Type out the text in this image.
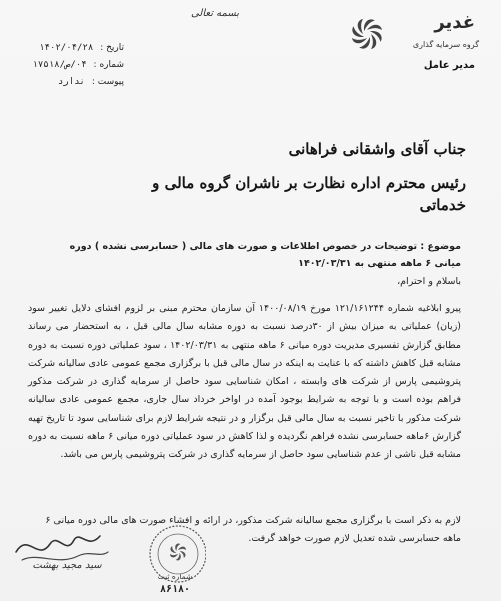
غدیر
گروه سرمایه گذاری
مدیر عامل
بسمه تعالی
تاریخ : ۱۴۰۲/۰۴/۲۸
شماره : ۰۴/ص/۱۷۵۱۸
پیوست : ندارد
جناب آقای واشقانی فراهانی
رئیس محترم اداره نظارت بر ناشران گروه مالی و خدماتی
موضوع : توضیحات در خصوص اطلاعات و صورت های مالی ( حسابرسی نشده ) دوره میانی ۶ ماهه منتهی به ۱۴۰۲/۰۳/۳۱
باسلام و احترام،
پیرو ابلاغیه شماره ۱۲۱/۱۶۱۲۴۴ مورخ ۱۴۰۰/۰۸/۱۹ آن سازمان محترم مبنی بر لزوم افشای دلایل تغییر سود (زیان) عملیاتی به میزان بیش از ۳۰درصد نسبت به دوره مشابه سال مالی قبل ، به استحضار می رساند مطابق گزارش تفسیری مدیریت دوره میانی ۶ ماهه منتهی به ۱۴۰۲/۰۳/۳۱ ، سود عملیاتی دوره نسبت به دوره مشابه قبل کاهش داشته که با عنایت به اینکه در سال مالی قبل با برگزاری مجمع عمومی عادی سالیانه شرکت پتروشیمی پارس از شرکت های وابسته ، امکان شناسایی سود حاصل از سرمایه گذاری در شرکت مذکور فراهم بوده است و با توجه به شرایط بوجود آمده در اواخر خرداد سال جاری، مجمع عمومی عادی سالیانه شرکت مذکور با تاخیر نسبت به سال مالی قبل برگزار و در نتیجه شرایط لازم برای شناسایی سود تا تاریخ تهیه گزارش ۶ماهه حسابرسی نشده فراهم نگردیده و لذا کاهش در سود عملیاتی دوره میانی ۶ ماهه نسبت به دوره مشابه قبل ناشی از عدم شناسایی سود حاصل از سرمایه گذاری در شرکت پتروشیمی پارس می باشد.
لازم به ذکر است با برگزاری مجمع سالیانه شرکت مذکور، در ارائه و افشاء صورت های مالی دوره میانی ۶ ماهه حسابرسی شده تعدیل لازم صورت خواهد گرفت.
شماره ثبت
۸۶۱۸۰
سید مجید بهشت
